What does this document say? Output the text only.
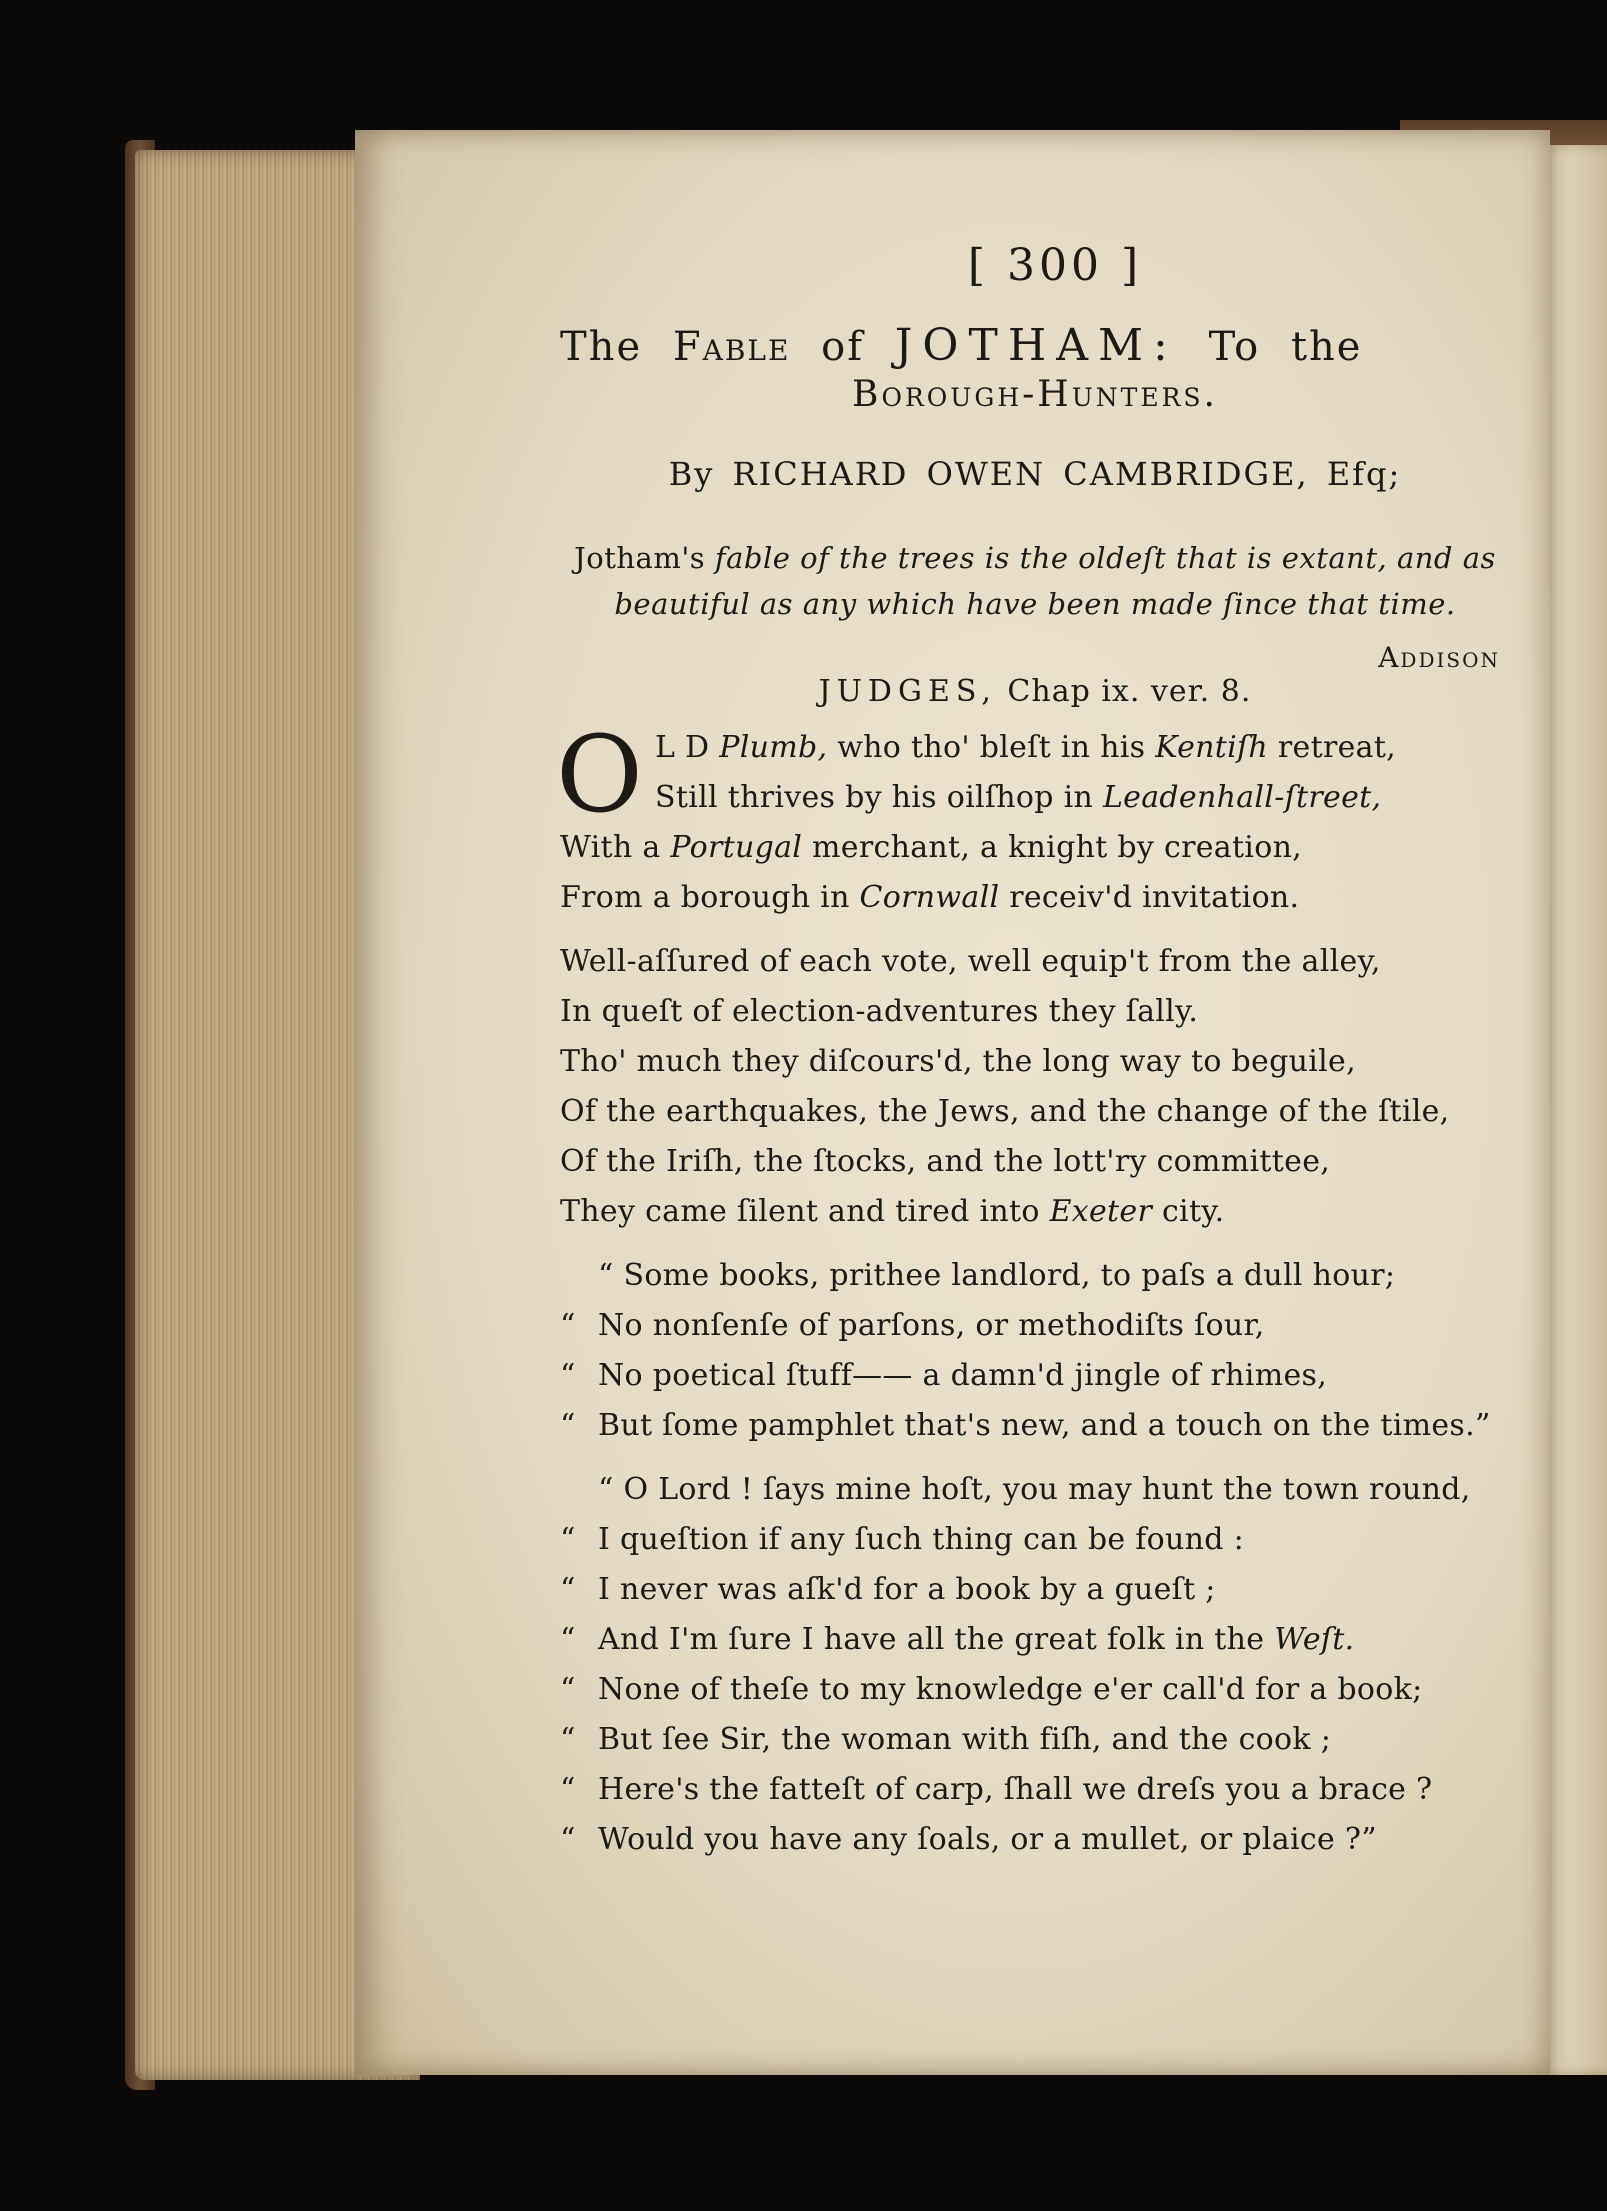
[ 300 ]

The Fable of JOTHAM: To the

Borough-Hunters.
By RICHARD OWEN CAMBRIDGE, Efq;
Jotham's fable of the trees is the oldeſt that is extant, and as
beautiful as any which have been made ſince that time.
Addison
JUDGES, Chap ix. ver. 8.
O L D Plumb, who tho' bleſt in his Kentiſh retreat,
Still thrives by his oilſhop in Leadenhall-ſtreet,
With a Portugal merchant, a knight by creation,
From a borough in Cornwall receiv'd invitation.
Well-aſſured of each vote, well equip't from the alley,
In queſt of election-adventures they ſally.
Tho' much they diſcours'd, the long way to beguile,
Of the earthquakes, the Jews, and the change of the ſtile,
Of the Iriſh, the ſtocks, and the lott'ry committee,
They came ſilent and tired into Exeter city.
“ Some books, prithee landlord, to paſs a dull hour;
“ No nonſenſe of parſons, or methodiſts ſour,
“ No poetical ſtuff—— a damn'd jingle of rhimes,
“ But ſome pamphlet that's new, and a touch on the times.”
“ O Lord ! ſays mine hoſt, you may hunt the town round,
“ I queſtion if any ſuch thing can be found :
“ I never was aſk'd for a book by a gueſt ;
“ And I'm ſure I have all the great folk in the Weſt.
“ None of theſe to my knowledge e'er call'd for a book;
“ But ſee Sir, the woman with fiſh, and the cook ;
“ Here's the fatteſt of carp, ſhall we dreſs you a brace ?
“ Would you have any ſoals, or a mullet, or plaice ?”
